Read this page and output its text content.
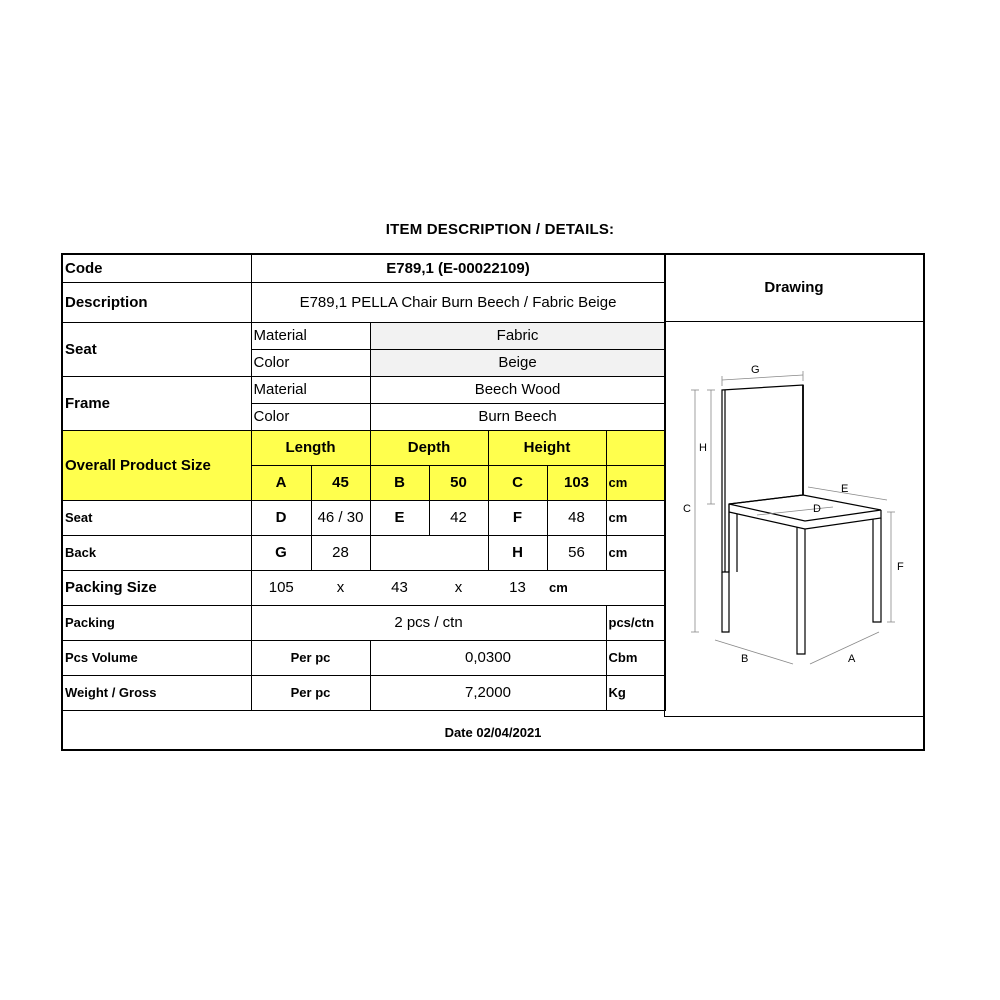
ITEM DESCRIPTION / DETAILS:
Code	E789,1 (E-00022109)						
Description	E789,1 PELLA Chair Burn Beech / Fabric Beige						
Seat	Material		Fabric				
	Color		Beige				
Frame	Material		Beech Wood				
	Color		Burn Beech				
Overall Product Size	Length		Depth		Height		
	A	45	B	50	C	103	cm
Seat	D	46 / 30	E	42	F	48	cm
Back	G	28			H	56	cm
Packing Size	105	x	43	x	13	cm	
Packing	2 pcs / ctn						pcs/ctn
Pcs Volume	Per pc		0,0300				Cbm
Weight / Gross	Per pc		7,2000				Kg
Drawing
G
H
C
E
D
F
B	A
Date 02/04/2021
